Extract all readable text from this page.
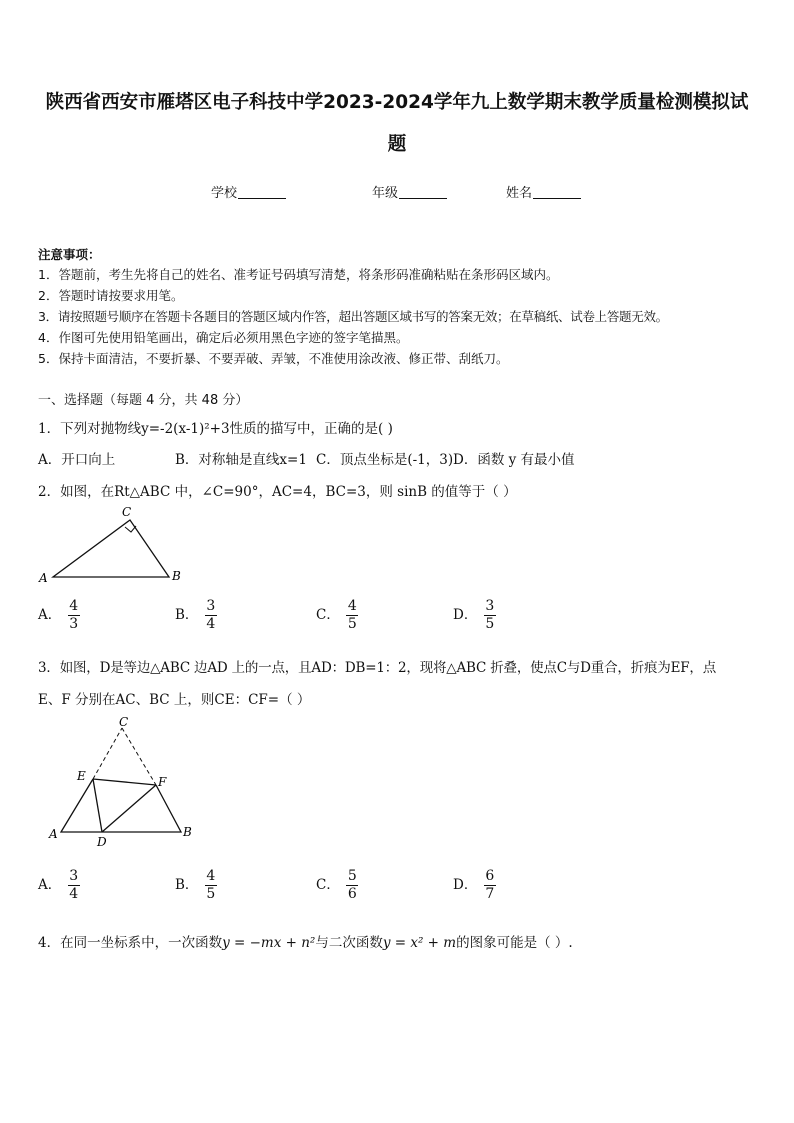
陕西省西安市雁塔区电子科技中学2023-2024学年九上数学期末教学质量检测模拟试
题
学校	年级	姓名
注意事项：
1．答题前，考生先将自己的姓名、准考证号码填写清楚，将条形码准确粘贴在条形码区域内。
2．答题时请按要求用笔。
3．请按照题号顺序在答题卡各题目的答题区域内作答，超出答题区域书写的答案无效；在草稿纸、试卷上答题无效。
4．作图可先使用铅笔画出，确定后必须用黑色字迹的签字笔描黑。
5．保持卡面清洁，不要折暴、不要弄破、弄皱，不准使用涂改液、修正带、刮纸刀。
一、选择题（每题 4 分，共 48 分）
1．下列对抛物线y=-2(x-1)²+3性质的描写中，正确的是( )
A．开口向上	B．对称轴是直线x=1 C．顶点坐标是(-1，3) D．函数 y 有最小值
2．如图，在Rt△ABC 中，∠C=90°，AC=4，BC=3，则 sinB 的值等于（ ）
A	B
C
A． $\frac{4}{3}$	B． $\frac{3}{4}$	C． $\frac{4}{5}$	D． $\frac{3}{5}$
3．如图，D是等边△ABC 边AD 上的一点，且AD：DB=1：2，现将△ABC 折叠，使点C与D重合，折痕为EF，点
E、F 分别在AC、BC 上，则CE：CF=（ ）
C
E	F
A	B
D
A． $\frac{3}{4}$	B． $\frac{4}{5}$	C． $\frac{5}{6}$	D． $\frac{6}{7}$
4．在同一坐标系中，一次函数y = −mx + n²与二次函数y = x² + m的图象可能是（ ）.
